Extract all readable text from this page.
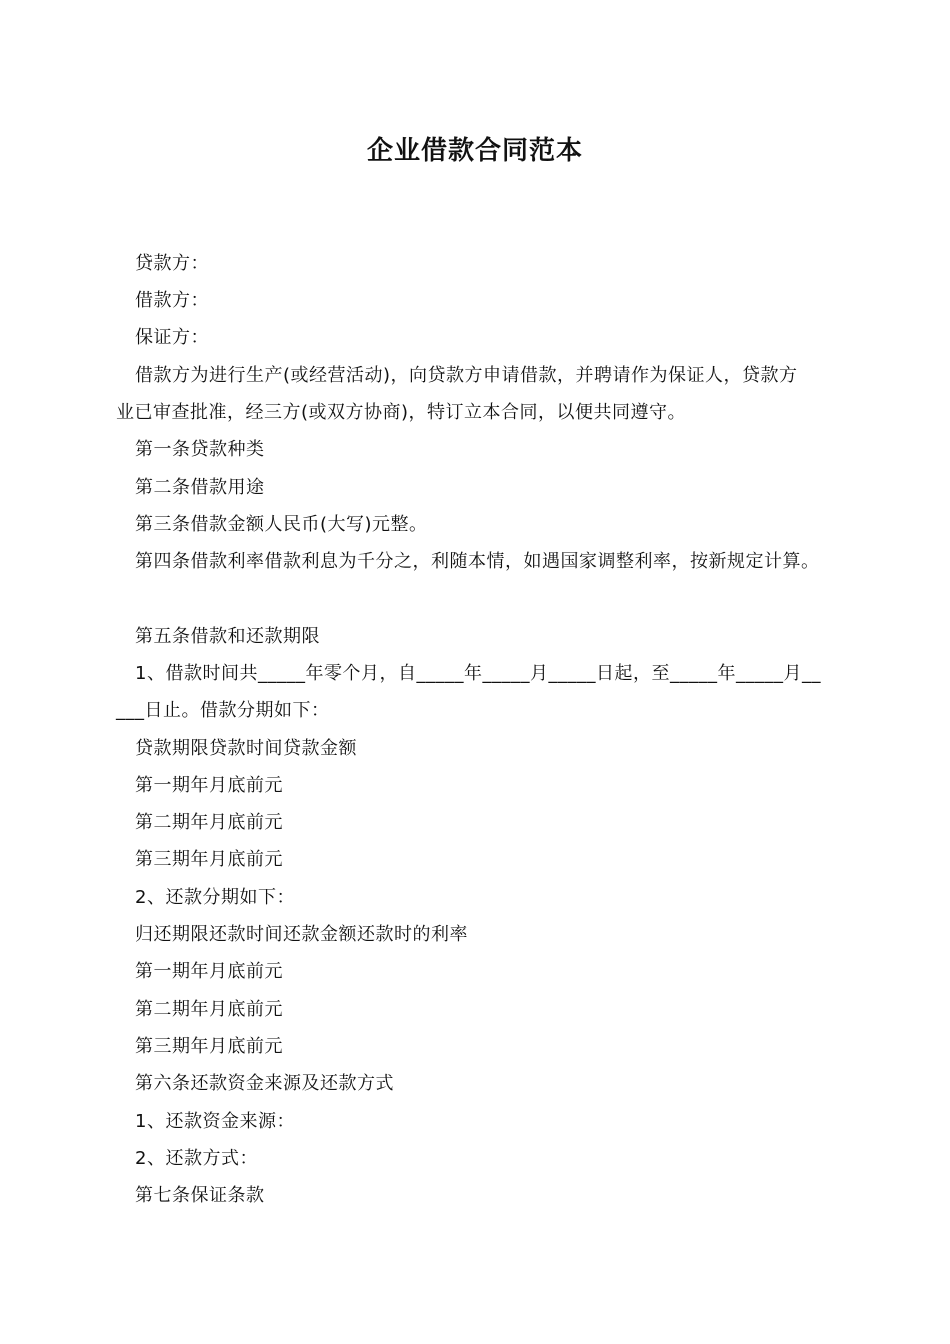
企业借款合同范本
贷款方：
借款方：
保证方：
借款方为进行生产(或经营活动)，向贷款方申请借款，并聘请作为保证人，贷款方
业已审查批准，经三方(或双方协商)，特订立本合同，以便共同遵守。
第一条贷款种类
第二条借款用途
第三条借款金额人民币(大写)元整。
第四条借款利率借款利息为千分之，利随本情，如遇国家调整利率，按新规定计算。
第五条借款和还款期限
1、借款时间共_____年零个月，自_____年_____月_____日起，至_____年_____月__
___日止。借款分期如下：
贷款期限贷款时间贷款金额
第一期年月底前元
第二期年月底前元
第三期年月底前元
2、还款分期如下：
归还期限还款时间还款金额还款时的利率
第一期年月底前元
第二期年月底前元
第三期年月底前元
第六条还款资金来源及还款方式
1、还款资金来源：
2、还款方式：
第七条保证条款
